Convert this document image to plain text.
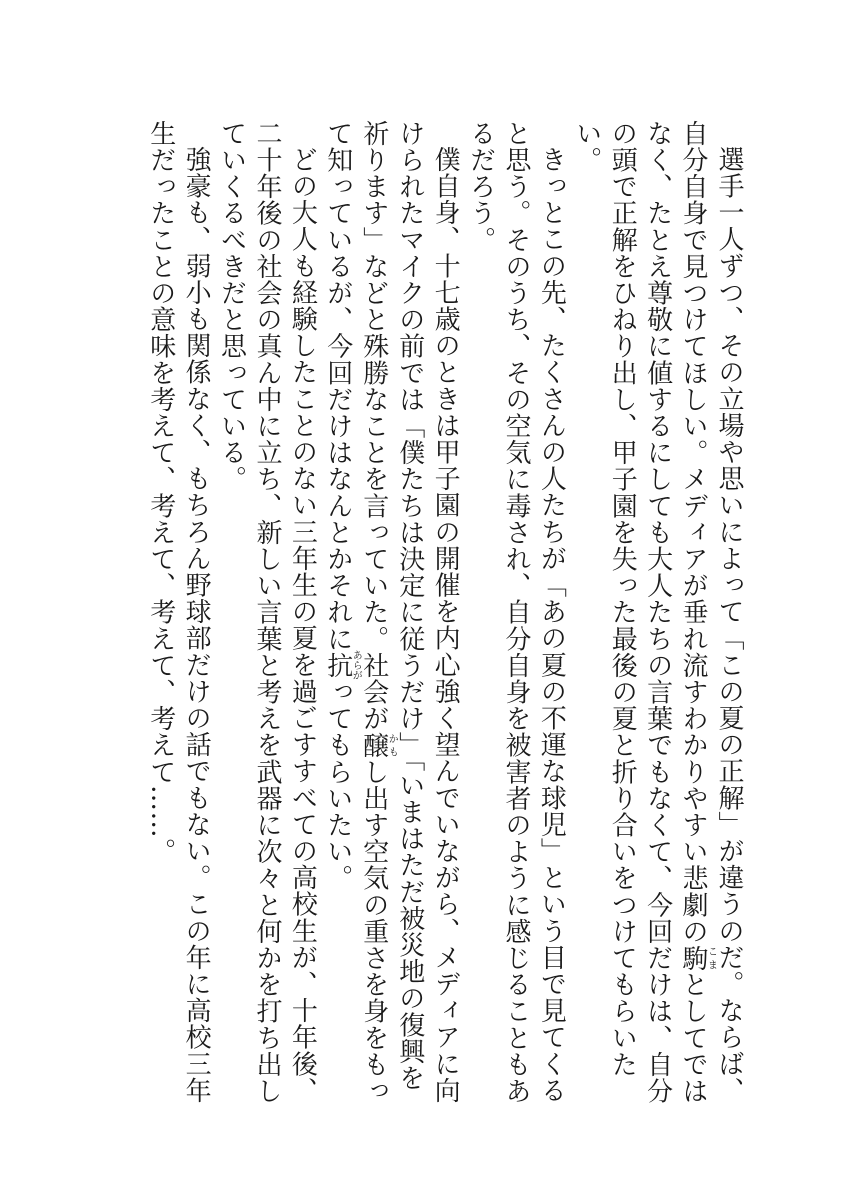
選手一人ずつ、その立場や思いによって「この夏の正解」が違うのだ。ならば、自分自身で見つけてほしい。メディアが垂れ流すわかりやすい悲劇の駒こまとしてではなく、たとえ尊敬に値するにしても大人たちの言葉でもなくて、今回だけは、自分の頭で正解をひねり出し、甲子園を失った最後の夏と折り合いをつけてもらいたい。

きっとこの先、たくさんの人たちが「あの夏の不運な球児」という目で見てくると思う。そのうち、その空気に毒され、自分自身を被害者のように感じることもあるだろう。

僕自身、十七歳のときは甲子園の開催を内心強く望んでいながら、メディアに向けられたマイクの前では「僕たちは決定に従うだけ」「いまはただ被災地の復興を祈ります」などと殊勝なことを言っていた。社会が醸かもし出す空気の重さを身をもって知っているが、今回だけはなんとかそれに抗あらがってもらいたい。

どの大人も経験したことのない三年生の夏を過ごすすべての高校生が、十年後、二十年後の社会の真ん中に立ち、新しい言葉と考えを武器に次々と何かを打ち出していくるべきだと思っている。

強豪も、弱小も関係なく、もちろん野球部だけの話でもない。この年に高校三年生だったことの意味を考えて、考えて、考えて、考えて……。
